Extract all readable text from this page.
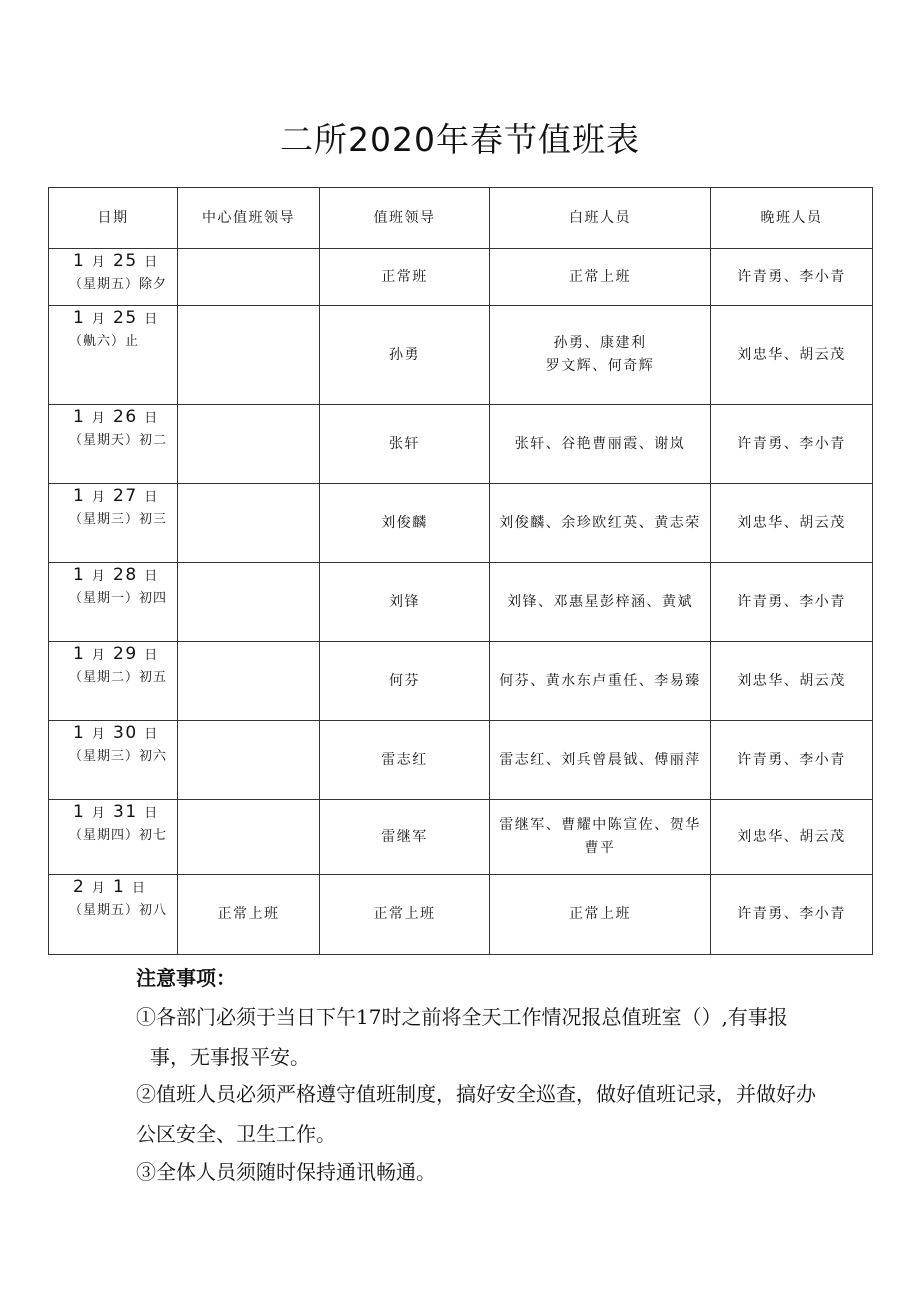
二所2020年春节值班表
日期	中心值班领导	值班领导	白班人员	晚班人员

1 月 25 日
（星期五）除夕		正常班	正常上班	许青勇、李小青

1 月 25 日
（鼽六）止		孙勇	孙勇、康建利
罗文辉、何奇辉	刘忠华、胡云茂

1 月 26 日
（星期天）初二		张轩	张轩、谷艳曹丽霞、谢岚	许青勇、李小青

1 月 27 日
（星期三）初三		刘俊麟	刘俊麟、余珍欧红英、黄志荣	刘忠华、胡云茂

1 月 28 日
（星期一）初四		刘锋	刘锋、邓惠星彭梓涵、黄斌	许青勇、李小青

1 月 29 日
（星期二）初五		何芬	何芬、黄水东卢重任、李易臻	刘忠华、胡云茂

1 月 30 日
（星期三）初六		雷志红	雷志红、刘兵曾晨钺、傅丽萍	许青勇、李小青

1 月 31 日
（星期四）初七		雷继军	雷继军、曹耀中陈宣佐、贺华
曹平	刘忠华、胡云茂

2 月 1 日
（星期五）初八	正常上班	正常上班	正常上班	许青勇、李小青
注意事项：

①各部门必须于当日下午17时之前将全天工作情况报总值班室（）,有事报

事，无事报平安。

②值班人员必须严格遵守值班制度，搞好安全巡查，做好值班记录，并做好办

公区安全、卫生工作。

③全体人员须随时保持通讯畅通。
